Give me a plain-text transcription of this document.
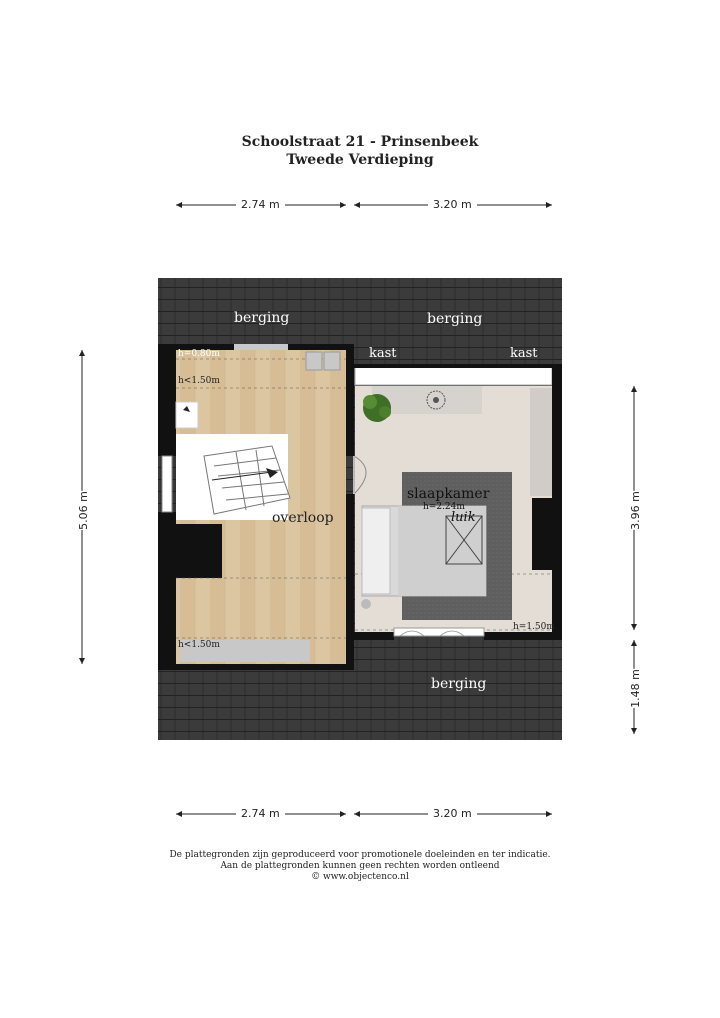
Schoolstraat 21 - Prinsenbeek
Tweede Verdieping
2.74 m	3.20 m
2.74 m	3.20 m
5.06 m	3.96 m
1.48 m
berging	berging
berging
kast	kast
overloop
slaapkamer
luik
h=0.80m
h<1.50m
h<1.50m
h=2.24m
h=1.50m
De plattegronden zijn geproduceerd voor promotionele doeleinden en ter indicatie.
Aan de plattegronden kunnen geen rechten worden ontleend
© www.objectenco.nl
